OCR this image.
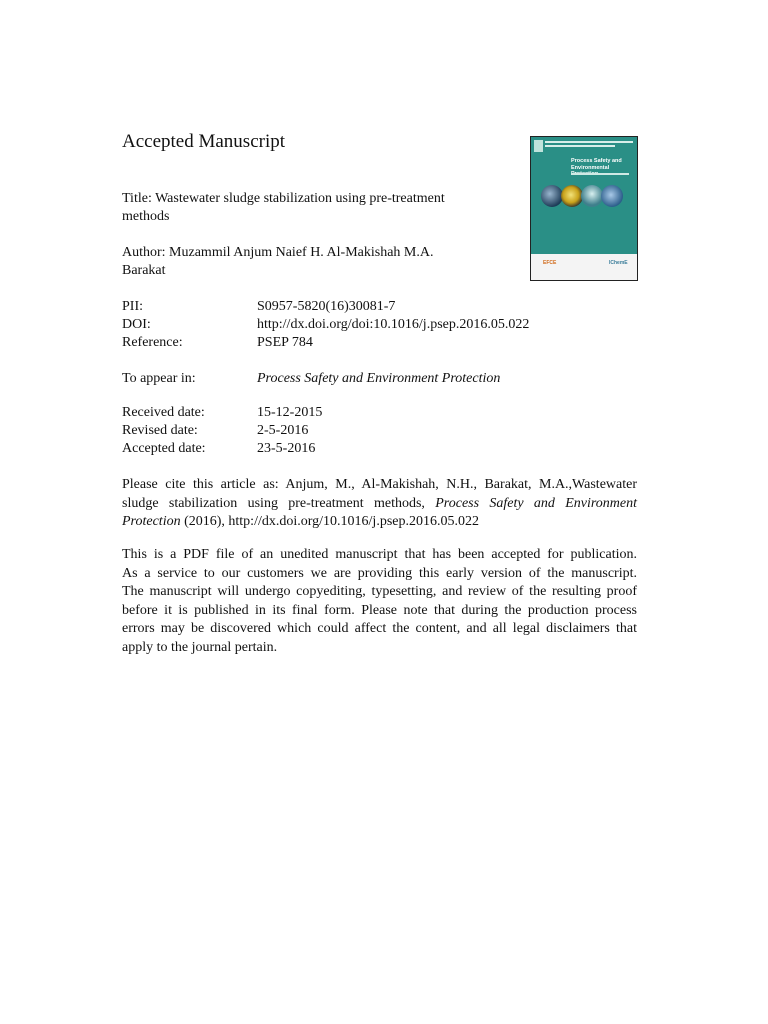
Accepted Manuscript
Title: Wastewater sludge stabilization using pre-treatment
methods
Author: Muzammil Anjum Naief H. Al-Makishah M.A.
Barakat
PII:	S0957-5820(16)30081-7
DOI:	http://dx.doi.org/doi:10.1016/j.psep.2016.05.022
Reference:	PSEP 784
To appear in:	Process Safety and Environment Protection
Received date:	15-12-2015
Revised date:	2-5-2016
Accepted date:	23-5-2016
Please cite this article as: Anjum, M., Al-Makishah, N.H., Barakat, M.A.,Wastewater
sludge stabilization using pre-treatment methods, Process Safety and Environment
Protection (2016), http://dx.doi.org/10.1016/j.psep.2016.05.022
This is a PDF file of an unedited manuscript that has been accepted for publication.
As a service to our customers we are providing this early version of the manuscript.
The manuscript will undergo copyediting, typesetting, and review of the resulting proof
before it is published in its final form. Please note that during the production process
errors may be discovered which could affect the content, and all legal disclaimers that
apply to the journal pertain.
Process Safety and Environmental
EFCE	IChemE
